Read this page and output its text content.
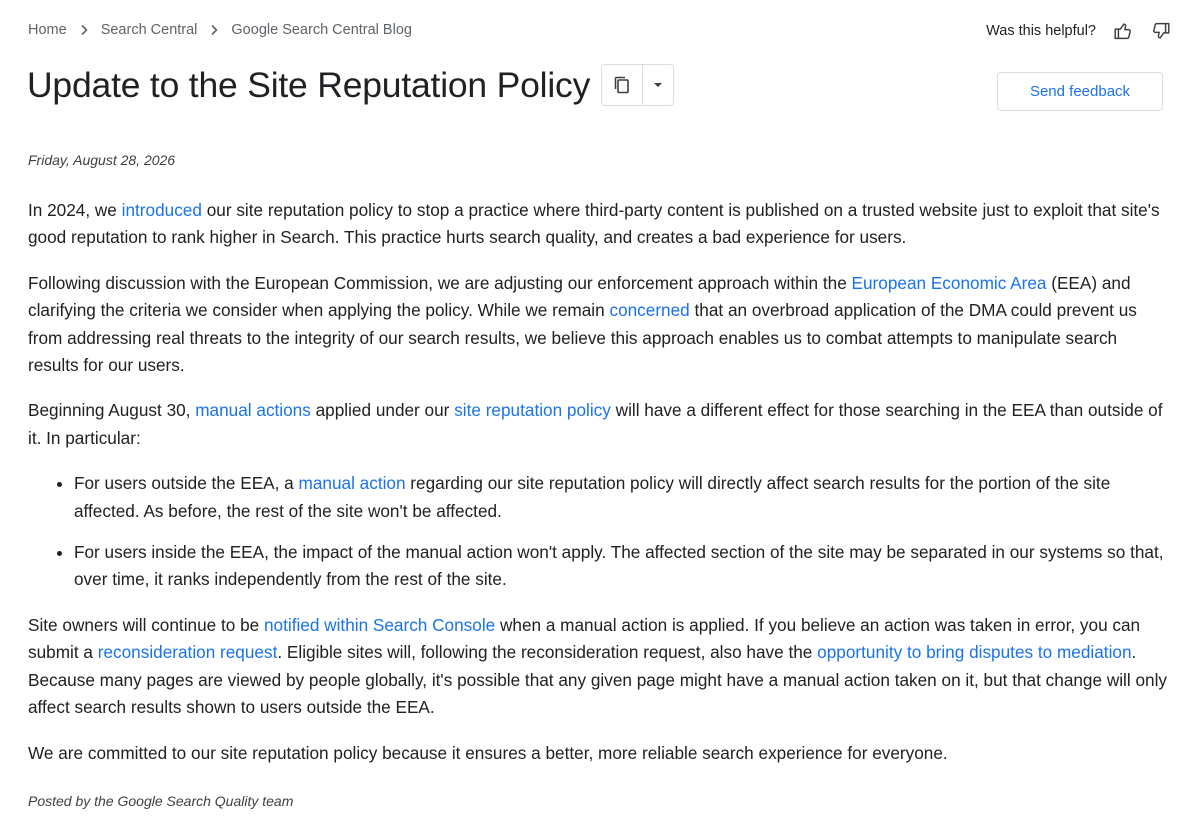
Home Search Central Google Search Central Blog	Was this helpful?
Update to the Site Reputation Policy	Send feedback
Friday, August 28, 2026

In 2024, we introduced our site reputation policy to stop a practice where third-party content is published on a trusted website just to exploit that site's good reputation to rank higher in Search. This practice hurts search quality, and creates a bad experience for users.

Following discussion with the European Commission, we are adjusting our enforcement approach within the European Economic Area (EEA) and clarifying the criteria we consider when applying the policy. While we remain concerned that an overbroad application of the DMA could prevent us from addressing real threats to the integrity of our search results, we believe this approach enables us to combat attempts to manipulate search results for our users.

Beginning August 30, manual actions applied under our site reputation policy will have a different effect for those searching in the EEA than outside of it. In particular:

• For users outside the EEA, a manual action regarding our site reputation policy will directly affect search results for the portion of the site affected. As before, the rest of the site won't be affected.
• For users inside the EEA, the impact of the manual action won't apply. The affected section of the site may be separated in our systems so that, over time, it ranks independently from the rest of the site.

Site owners will continue to be notified within Search Console when a manual action is applied. If you believe an action was taken in error, you can submit a reconsideration request. Eligible sites will, following the reconsideration request, also have the opportunity to bring disputes to mediation. Because many pages are viewed by people globally, it's possible that any given page might have a manual action taken on it, but that change will only affect search results shown to users outside the EEA.

We are committed to our site reputation policy because it ensures a better, more reliable search experience for everyone.

Posted by the Google Search Quality team
